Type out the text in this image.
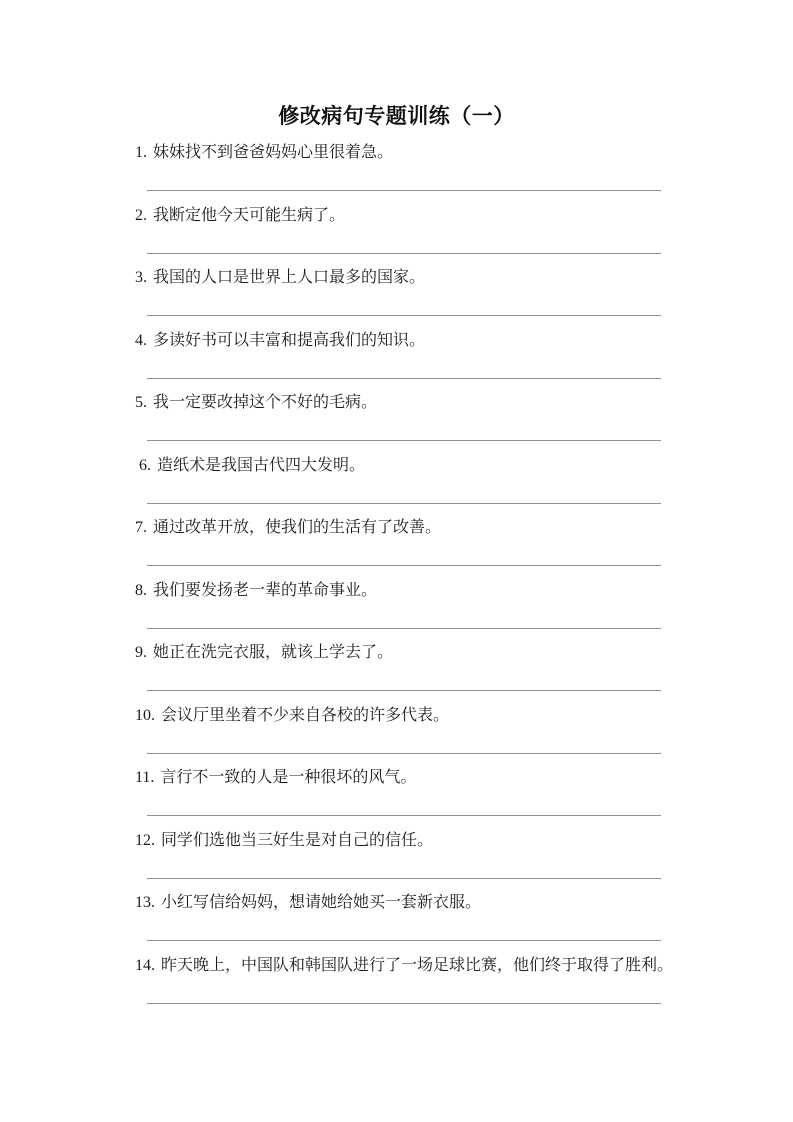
修改病句专题训练（一）

1. 妹妹找不到爸爸妈妈心里很着急。

2. 我断定他今天可能生病了。

3. 我国的人口是世界上人口最多的国家。

4. 多读好书可以丰富和提高我们的知识。

5. 我一定要改掉这个不好的毛病。

6. 造纸术是我国古代四大发明。

7. 通过改革开放，使我们的生活有了改善。

8. 我们要发扬老一辈的革命事业。

9. 她正在洗完衣服，就该上学去了。

10. 会议厅里坐着不少来自各校的许多代表。

11. 言行不一致的人是一种很坏的风气。

12. 同学们选他当三好生是对自己的信任。

13. 小红写信给妈妈，想请她给她买一套新衣服。

14. 昨天晚上，中国队和韩国队进行了一场足球比赛，他们终于取得了胜利。
